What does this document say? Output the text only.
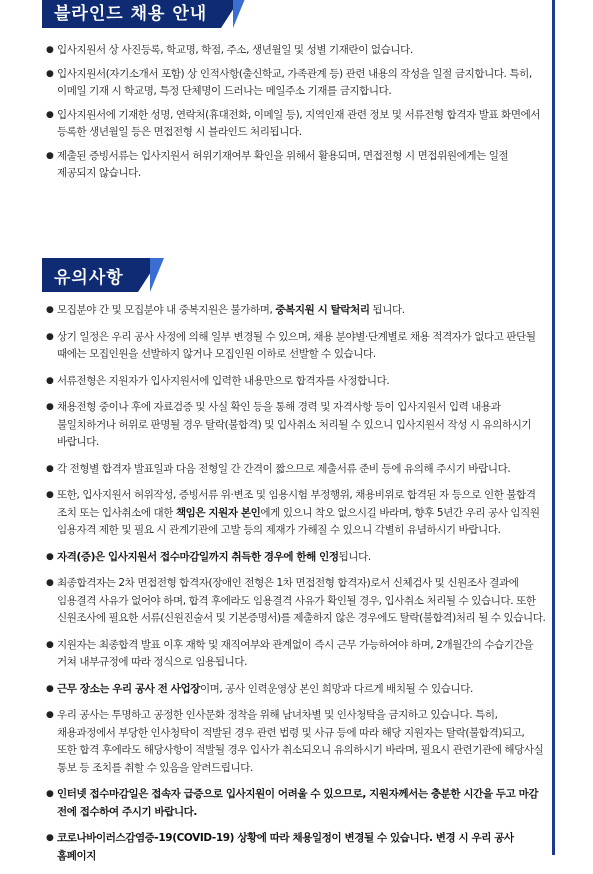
블라인드 채용 안내
● 입사지원서 상 사진등록, 학교명, 학점, 주소, 생년월일 및 성별 기재란이 없습니다.
● 입사지원서(자기소개서 포함) 상 인적사항(출신학교, 가족관계 등) 관련 내용의 작성을 일절 금지합니다. 특히, 이메일 기재 시 학교명, 특정 단체명이 드러나는 메일주소 기재를 금지합니다.
● 입사지원서에 기재한 성명, 연락처(휴대전화, 이메일 등), 지역인재 관련 정보 및 서류전형 합격자 발표 화면에서 등록한 생년월일 등은 면접전형 시 블라인드 처리됩니다.
● 제출된 증빙서류는 입사지원서 허위기재여부 확인을 위해서 활용되며, 면접전형 시 면접위원에게는 일절 제공되지 않습니다.
유의사항
● 모집분야 간 및 모집분야 내 중복지원은 불가하며, 중복지원 시 탈락처리 됩니다.
● 상기 일정은 우리 공사 사정에 의해 일부 변경될 수 있으며, 채용 분야별·단계별로 채용 적격자가 없다고 판단될 때에는 모집인원을 선발하지 않거나 모집인원 이하로 선발할 수 있습니다.
● 서류전형은 지원자가 입사지원서에 입력한 내용만으로 합격자를 사정합니다.
● 채용전형 중이나 후에 자료검증 및 사실 확인 등을 통해 경력 및 자격사항 등이 입사지원서 입력 내용과 불일치하거나 허위로 판명될 경우 탈락(불합격) 및 입사취소 처리될 수 있으니 입사지원서 작성 시 유의하시기 바랍니다.
● 각 전형별 합격자 발표일과 다음 전형일 간 간격이 짧으므로 제출서류 준비 등에 유의해 주시기 바랍니다.
● 또한, 입사지원서 허위작성, 증빙서류 위·변조 및 임용시험 부정행위, 채용비위로 합격된 자 등으로 인한 불합격 조치 또는 입사취소에 대한 책임은 지원자 본인에게 있으니 착오 없으시길 바라며, 향후 5년간 우리 공사 임직원 임용자격 제한 및 필요 시 관계기관에 고발 등의 제재가 가해질 수 있으니 각별히 유념하시기 바랍니다.
● 자격(증)은 입사지원서 접수마감일까지 취득한 경우에 한해 인정됩니다.
● 최종합격자는 2차 면접전형 합격자(장애인 전형은 1차 면접전형 합격자)로서 신체검사 및 신원조사 결과에 임용결격 사유가 없어야 하며, 합격 후에라도 임용결격 사유가 확인될 경우, 입사취소 처리될 수 있습니다. 또한 신원조사에 필요한 서류(신원진술서 및 기본증명서)를 제출하지 않은 경우에도 탈락(불합격)처리 될 수 있습니다.
● 지원자는 최종합격 발표 이후 재학 및 재직여부와 관계없이 즉시 근무 가능하여야 하며, 2개월간의 수습기간을 거쳐 내부규정에 따라 정식으로 임용됩니다.
● 근무 장소는 우리 공사 전 사업장이며, 공사 인력운영상 본인 희망과 다르게 배치될 수 있습니다.
● 우리 공사는 투명하고 공정한 인사문화 정착을 위해 남녀차별 및 인사청탁을 금지하고 있습니다. 특히, 채용과정에서 부당한 인사청탁이 적발된 경우 관련 법령 및 사규 등에 따라 해당 지원자는 탈락(불합격)되고, 또한 합격 후에라도 해당사항이 적발될 경우 입사가 취소되오니 유의하시기 바라며, 필요시 관련기관에 해당사실 통보 등 조치를 취할 수 있음을 알려드립니다.
● 인터넷 접수마감일은 접속자 급증으로 입사지원이 어려울 수 있으므로, 지원자께서는 충분한 시간을 두고 마감 전에 접수하여 주시기 바랍니다.
● 코로나바이러스감염증-19(COVID-19) 상황에 따라 채용일정이 변경될 수 있습니다. 변경 시 우리 공사 홈페이지
